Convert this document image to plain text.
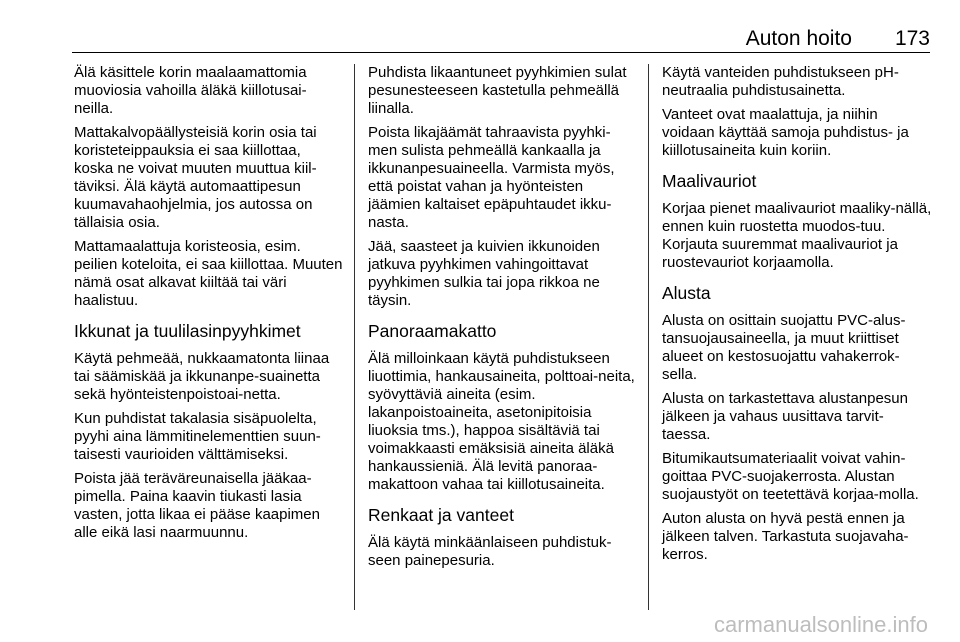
Auton hoito 173

Älä käsittele korin maalaamattomia muoviosia vahoilla äläkä kiillotusai-neilla.

Mattakalvopäällysteisiä korin osia tai koristeteippauksia ei saa kiillottaa, koska ne voivat muuten muuttua kiil-täviksi. Älä käytä automaattipesun kuumavahaohjelmia, jos autossa on tällaisia osia.

Mattamaalattuja koristeosia, esim. peilien koteloita, ei saa kiillottaa. Muuten nämä osat alkavat kiiltää tai väri haalistuu.

Ikkunat ja tuulilasinpyyhkimet

Käytä pehmeää, nukkaamatonta liinaa tai säämiskää ja ikkunanpe-suainetta sekä hyönteistenpoistoai-netta.

Kun puhdistat takalasia sisäpuolelta, pyyhi aina lämmitinelementtien suun-taisesti vaurioiden välttämiseksi.

Poista jää teräväreunaisella jääkaa-pimella. Paina kaavin tiukasti lasia vasten, jotta likaa ei pääse kaapimen alle eikä lasi naarmuunnu.

Puhdista likaantuneet pyyhkimien sulat pesunesteeseen kastetulla pehmeällä liinalla.

Poista likajäämät tahraavista pyyhki-men sulista pehmeällä kankaalla ja ikkunanpesuaineella. Varmista myös, että poistat vahan ja hyönteisten jäämien kaltaiset epäpuhtaudet ikku-nasta.

Jää, saasteet ja kuivien ikkunoiden jatkuva pyyhkimen vahingoittavat pyyhkimen sulkia tai jopa rikkoa ne täysin.

Panoraamakatto

Älä milloinkaan käytä puhdistukseen liuottimia, hankausaineita, polttoai-neita, syövyttäviä aineita (esim. lakanpoistoaineita, asetonipitoisia liuoksia tms.), happoa sisältäviä tai voimakkaasti emäksisiä aineita äläkä hankaussieniä. Älä levitä panoraa-makattoon vahaa tai kiillotusaineita.

Renkaat ja vanteet

Älä käytä minkäänlaiseen puhdistuk-seen painepesuria.

Käytä vanteiden puhdistukseen pH-neutraalia puhdistusainetta.

Vanteet ovat maalattuja, ja niihin voidaan käyttää samoja puhdistus- ja kiillotusaineita kuin koriin.

Maalivauriot

Korjaa pienet maalivauriot maaliky-nällä, ennen kuin ruostetta muodos-tuu. Korjauta suuremmat maalivauriot ja ruostevauriot korjaamolla.

Alusta

Alusta on osittain suojattu PVC-alus-tansuojausaineella, ja muut kriittiset alueet on kestosuojattu vahakerrok-sella.

Alusta on tarkastettava alustanpesun jälkeen ja vahaus uusittava tarvit-taessa.

Bitumikautsumateriaalit voivat vahin-goittaa PVC-suojakerrosta. Alustan suojaustyöt on teetettävä korjaa-molla.

Auton alusta on hyvä pestä ennen ja jälkeen talven. Tarkastuta suojavaha-kerros.

carmanualsonline.info
